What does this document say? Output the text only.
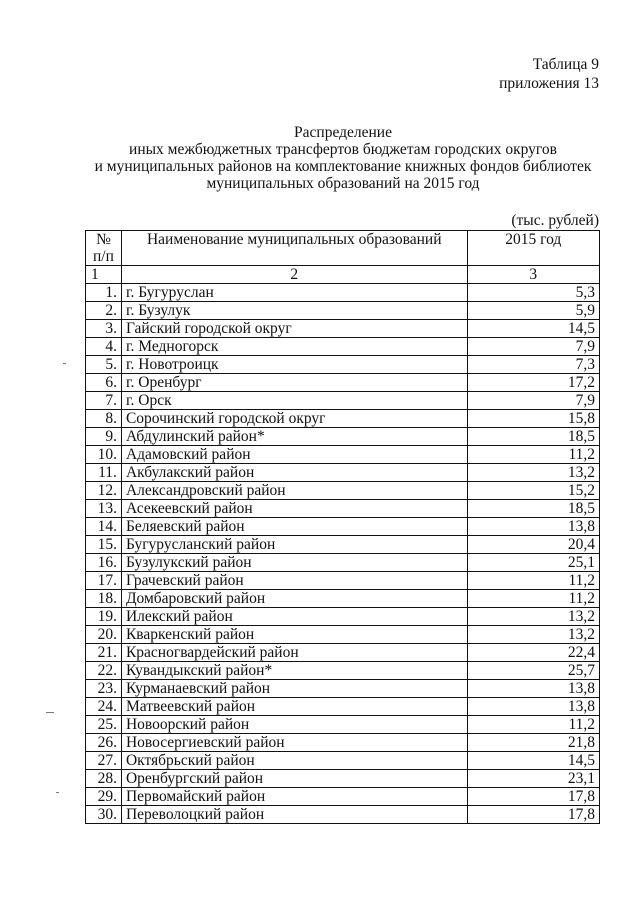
Таблица 9
приложения 13
Распределение
иных межбюджетных трансфертов бюджетам городских округов
и муниципальных районов на комплектование книжных фондов библиотек
муниципальных образований на 2015 год
(тыс. рублей)
№
п/п	Наименование муниципальных образований	2015 год
1	2	3
1.	г. Бугуруслан	5,3
2.	г. Бузулук	5,9
3.	Гайский городской округ	14,5
4.	г. Медногорск	7,9
5.	г. Новотроицк	7,3
6.	г. Оренбург	17,2
7.	г. Орск	7,9
8.	Сорочинский городской округ	15,8
9.	Абдулинский район*	18,5
10.	Адамовский район	11,2
11.	Акбулакский район	13,2
12.	Александровский район	15,2
13.	Асекеевский район	18,5
14.	Беляевский район	13,8
15.	Бугурусланский район	20,4
16.	Бузулукский район	25,1
17.	Грачевский район	11,2
18.	Домбаровский район	11,2
19.	Илекский район	13,2
20.	Кваркенский район	13,2
21.	Красногвардейский район	22,4
22.	Кувандыкский район*	25,7
23.	Курманаевский район	13,8
24.	Матвеевский район	13,8
25.	Новоорский район	11,2
26.	Новосергиевский район	21,8
27.	Октябрьский район	14,5
28.	Оренбургский район	23,1
29.	Первомайский район	17,8
30.	Переволоцкий район	17,8
